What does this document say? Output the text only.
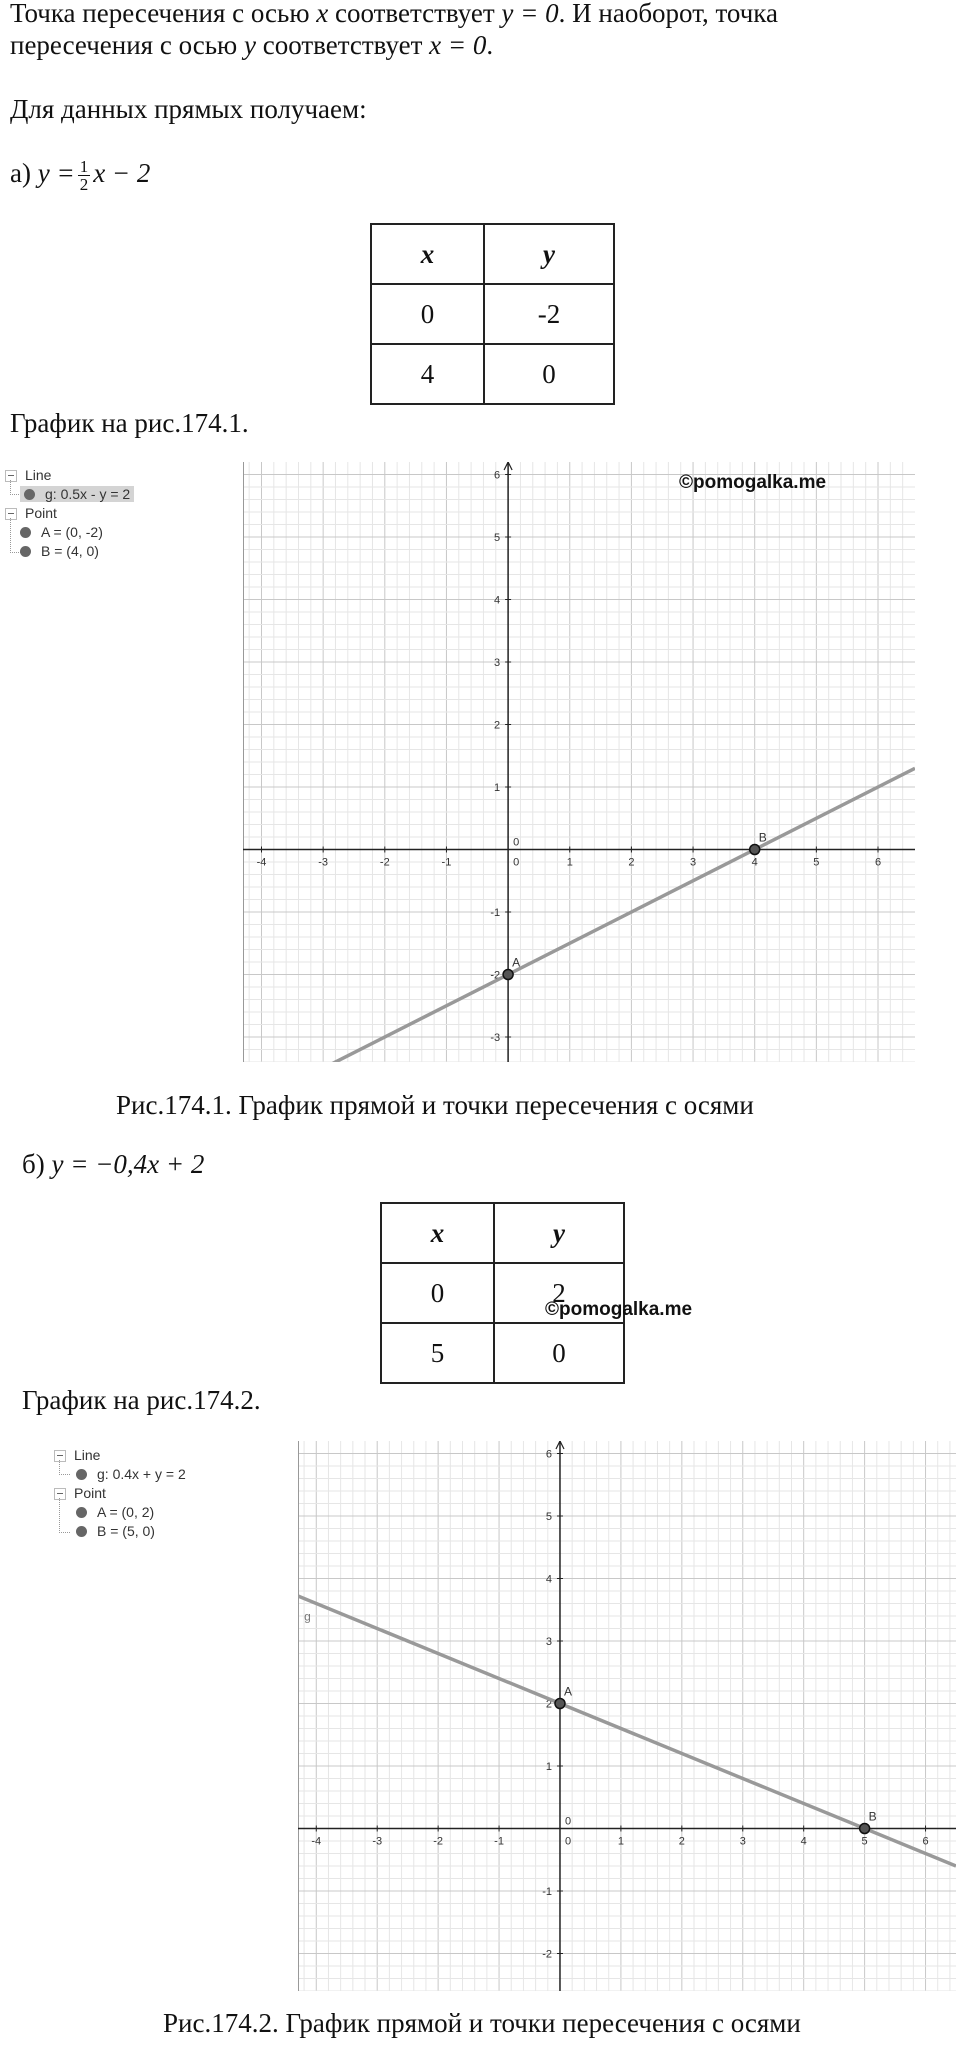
Точка пересечения с осью x соответствует y = 0. И наоборот, точка
пересечения с осью y соответствует x = 0.
Для данных прямых получаем:
а) $y = \frac{1}{2}$ x − 2
x	y
0	-2
4	0
График на рис.174.1.
Line
g: 0.5x - y = 2
Point
A = (0, -2)
B = (4, 0)
-4	-3	-2	-1
0
0	1	2	3	4	5	6
-3
-2
-1
1
2
3
4
5
6
A
B
©pomogalka.me
Рис.174.1. График прямой и точки пересечения с осями
б) y = −0,4x + 2
x	y
0	2
5	0
©pomogalka.me
График на рис.174.2.
Line
g: 0.4x + y = 2
Point
A = (0, 2)
B = (5, 0)
-4	-3	-2	-1
0
0	1	2	3	4	5	6
-2
-1
1
2
3
4
5
6
g
A
B
Рис.174.2. График прямой и точки пересечения с осями
